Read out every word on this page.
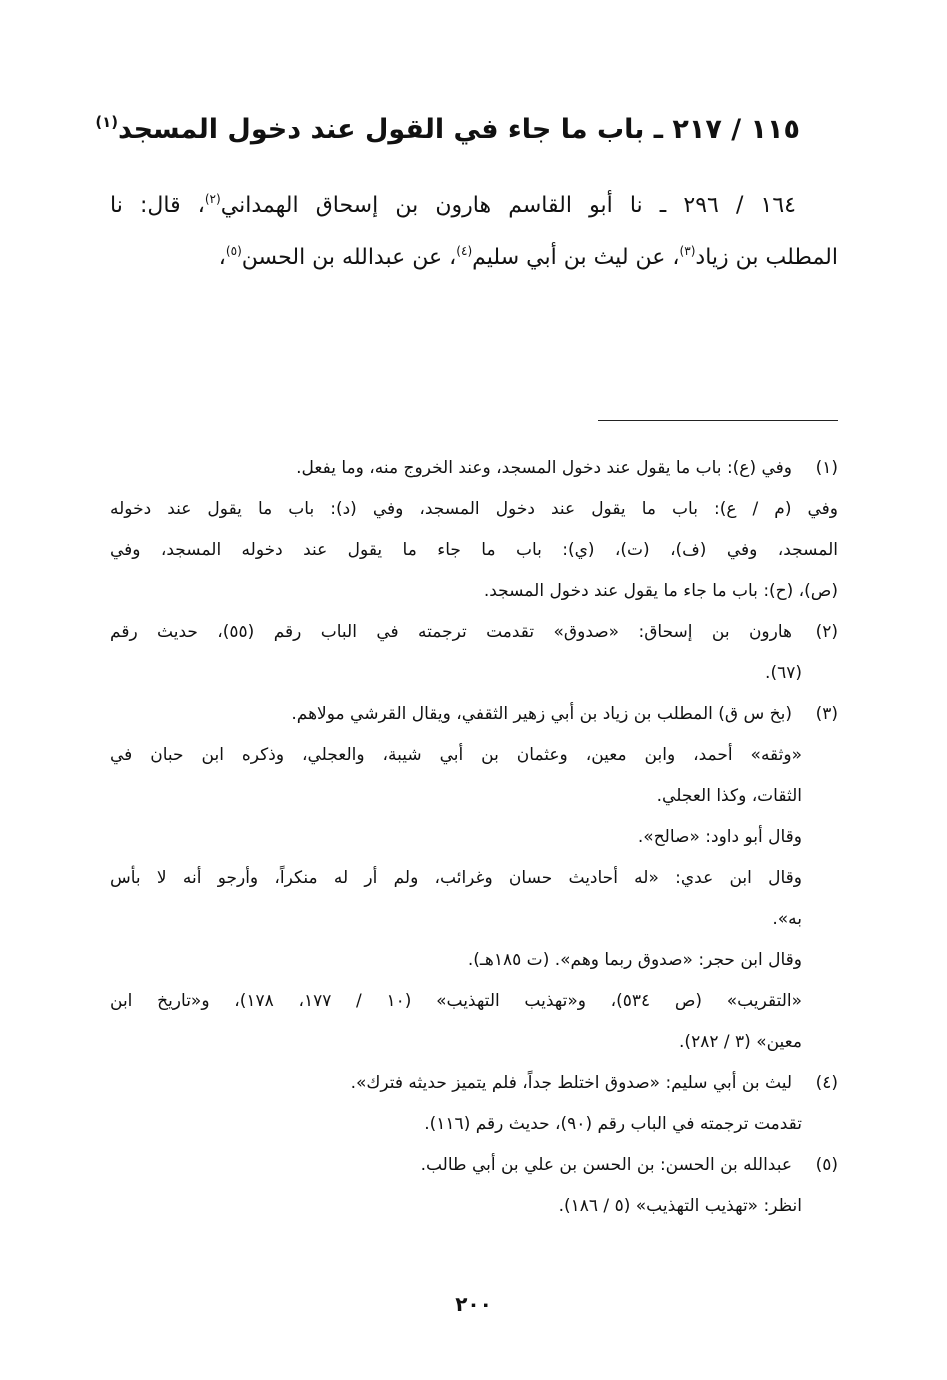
١١٥ / ٢١٧ ـ باب ما جاء في القول عند دخول المسجد$^{(١)}$
١٦٤ / ٢٩٦ ـ نا أبو القاسم هارون بن إسحاق الهمداني$^{(٢)}$، قال: نا
المطلب بن زياد$^{(٣)}$، عن ليث بن أبي سليم$^{(٤)}$، عن عبدالله بن الحسن$^{(٥)}$،
(١)
وفي (ع): باب ما يقول عند دخول المسجد، وعند الخروج منه، وما يفعل.
وفي (م / ع): باب ما يقول عند دخول المسجد، وفي (د): باب ما يقول عند دخوله
المسجد، وفي (ف)، (ت)، (ي): باب ما جاء ما يقول عند دخوله المسجد، وفي
(ص)، (ح): باب ما جاء ما يقول عند دخول المسجد.
(٢)
هارون بن إسحاق: «صدوق» تقدمت ترجمته في الباب رقم (٥٥)، حديث رقم
(٦٧).
(٣)
(بخ س ق) المطلب بن زياد بن أبي زهير الثقفي، ويقال القرشي مولاهم.
«وثقه» أحمد، وابن معين، وعثمان بن أبي شيبة، والعجلي، وذكره ابن حبان في
الثقات، وكذا العجلي.
وقال أبو داود: «صالح».
وقال ابن عدي: «له أحاديث حسان وغرائب، ولم أر له منكراً، وأرجو أنه لا بأس
به».
وقال ابن حجر: «صدوق ربما وهم». (ت ١٨٥هـ).
«التقريب» (ص ٥٣٤)، و«تهذيب التهذيب» (١٠ / ١٧٧، ١٧٨)، و«تاريخ ابن
معين» (٣ / ٢٨٢).
(٤)
ليث بن أبي سليم: «صدوق اختلط جداً، فلم يتميز حديثه فترك».
تقدمت ترجمته في الباب رقم (٩٠)، حديث رقم (١١٦).
(٥)
عبدالله بن الحسن: بن الحسن بن علي بن أبي طالب.
انظر: «تهذيب التهذيب» (٥ / ١٨٦).
٢٠٠
